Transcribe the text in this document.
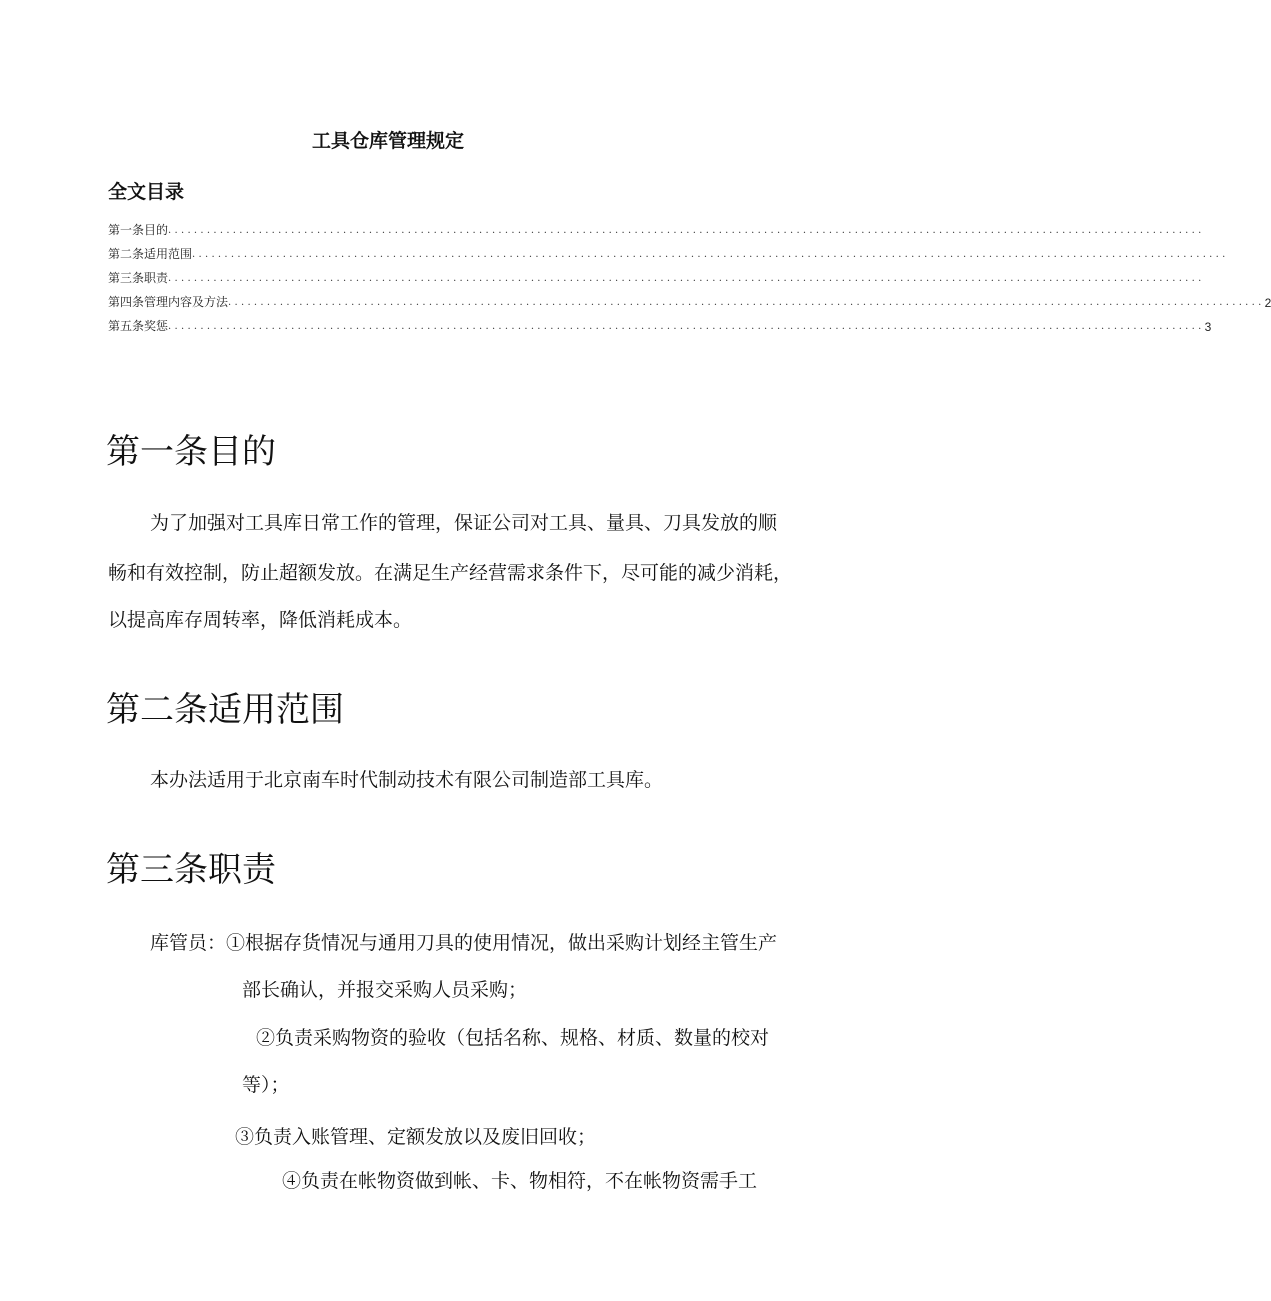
工具仓库管理规定
全文目录
第一条目的 ................................................................................................................................................................
第二条适用范围 ................................................................................................................................................................
第三条职责 ................................................................................................................................................................
第四条管理内容及方法 ................................................................................................................................................................ 2
第五条奖惩 ................................................................................................................................................................ 3
第一条目的
为了加强对工具库日常工作的管理，保证公司对工具、量具、刀具发放的顺
畅和有效控制，防止超额发放。在满足生产经营需求条件下，尽可能的减少消耗，
以提高库存周转率，降低消耗成本。
第二条适用范围
本办法适用于北京南车时代制动技术有限公司制造部工具库。
第三条职责
库管员：①根据存货情况与通用刀具的使用情况，做出采购计划经主管生产
部长确认，并报交采购人员采购；
②负责采购物资的验收（包括名称、规格、材质、数量的校对
等）；
③负责入账管理、定额发放以及废旧回收；
④负责在帐物资做到帐、卡、物相符，不在帐物资需手工
